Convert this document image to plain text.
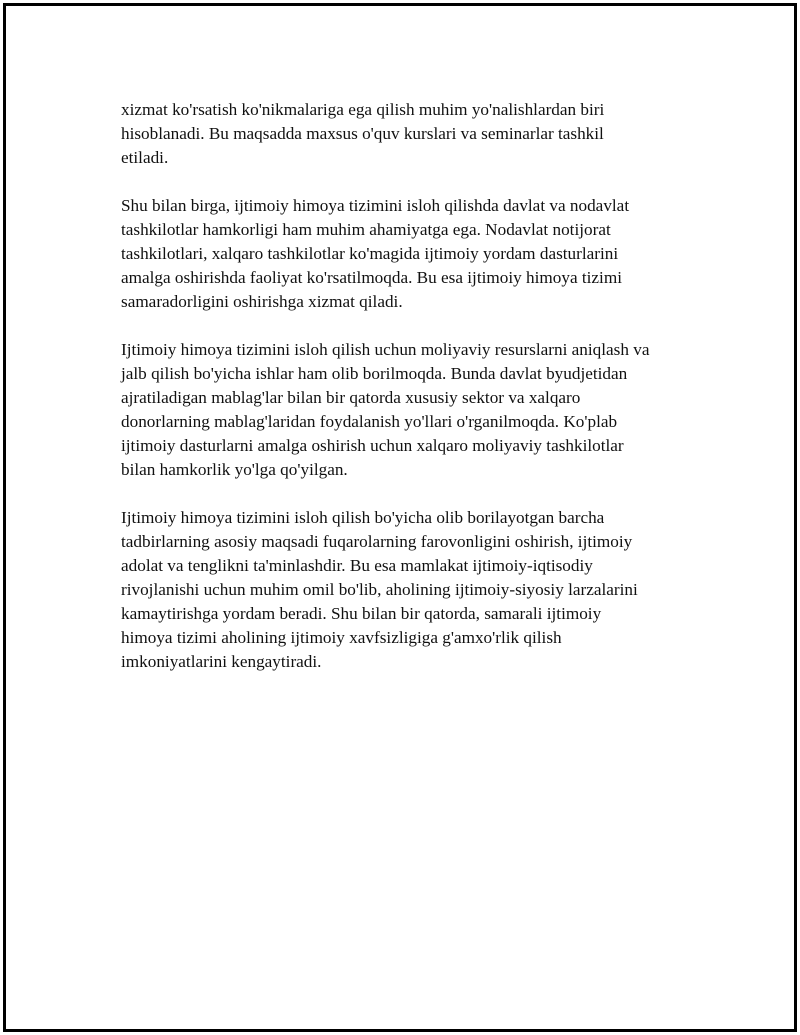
xizmat ko'rsatish ko'nikmalariga ega qilish muhim yo'nalishlardan biri
hisoblanadi. Bu maqsadda maxsus o'quv kurslari va seminarlar tashkil
etiladi.

Shu bilan birga, ijtimoiy himoya tizimini isloh qilishda davlat va nodavlat
tashkilotlar hamkorligi ham muhim ahamiyatga ega. Nodavlat notijorat
tashkilotlari, xalqaro tashkilotlar ko'magida ijtimoiy yordam dasturlarini
amalga oshirishda faoliyat ko'rsatilmoqda. Bu esa ijtimoiy himoya tizimi
samaradorligini oshirishga xizmat qiladi.

Ijtimoiy himoya tizimini isloh qilish uchun moliyaviy resurslarni aniqlash va
jalb qilish bo'yicha ishlar ham olib borilmoqda. Bunda davlat byudjetidan
ajratiladigan mablag'lar bilan bir qatorda xususiy sektor va xalqaro
donorlarning mablag'laridan foydalanish yo'llari o'rganilmoqda. Ko'plab
ijtimoiy dasturlarni amalga oshirish uchun xalqaro moliyaviy tashkilotlar
bilan hamkorlik yo'lga qo'yilgan.

Ijtimoiy himoya tizimini isloh qilish bo'yicha olib borilayotgan barcha
tadbirlarning asosiy maqsadi fuqarolarning farovonligini oshirish, ijtimoiy
adolat va tenglikni ta'minlashdir. Bu esa mamlakat ijtimoiy-iqtisodiy
rivojlanishi uchun muhim omil bo'lib, aholining ijtimoiy-siyosiy larzalarini
kamaytirishga yordam beradi. Shu bilan bir qatorda, samarali ijtimoiy
himoya tizimi aholining ijtimoiy xavfsizligiga g'amxo'rlik qilish
imkoniyatlarini kengaytiradi.
